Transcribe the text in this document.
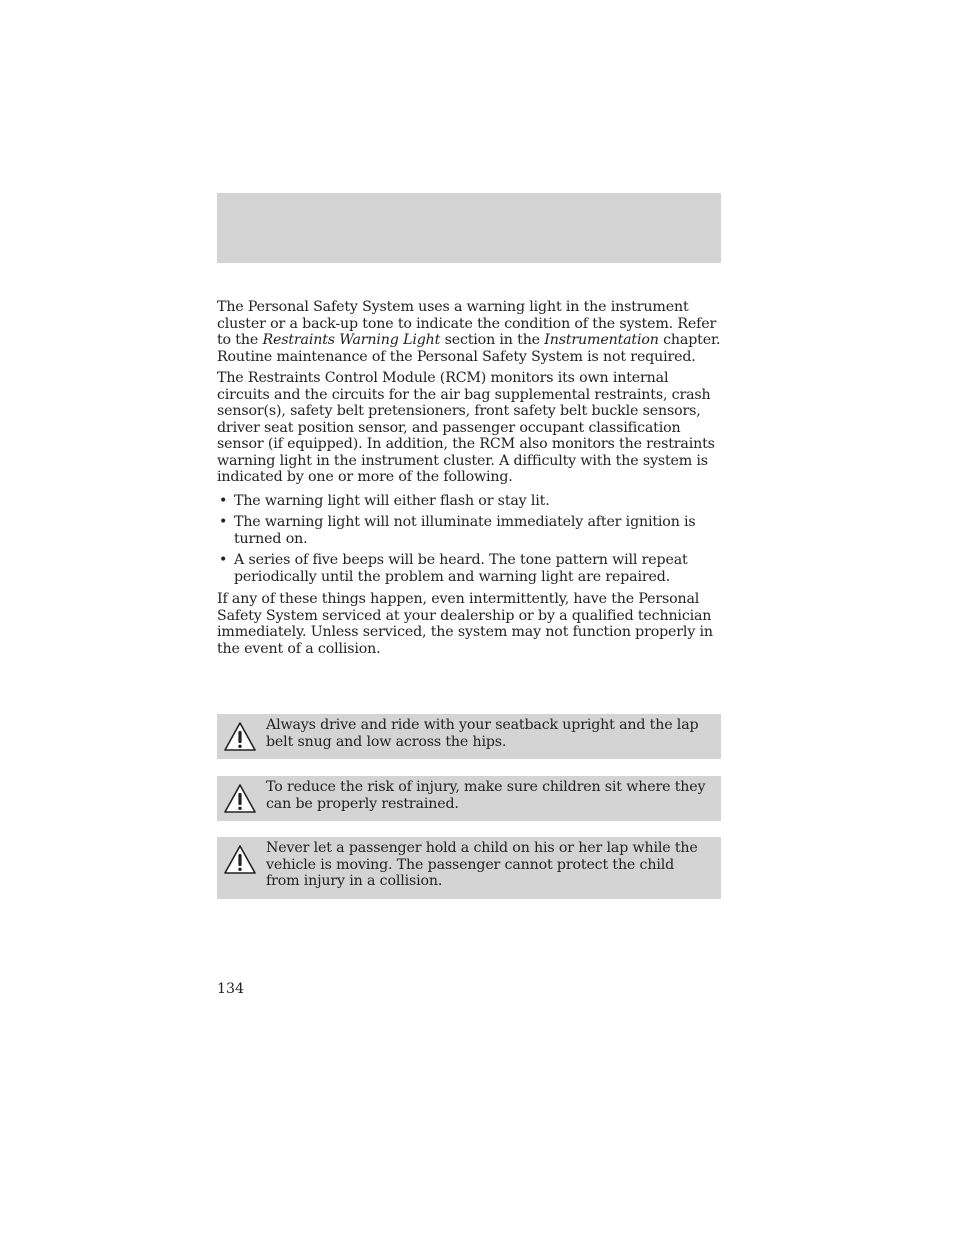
The Personal Safety System uses a warning light in the instrument cluster or a back-up tone to indicate the condition of the system. Refer to the Restraints Warning Light section in the Instrumentation chapter. Routine maintenance of the Personal Safety System is not required.

The Restraints Control Module (RCM) monitors its own internal circuits and the circuits for the air bag supplemental restraints, crash sensor(s), safety belt pretensioners, front safety belt buckle sensors, driver seat position sensor, and passenger occupant classification sensor (if equipped). In addition, the RCM also monitors the restraints warning light in the instrument cluster. A difficulty with the system is indicated by one or more of the following.

• The warning light will either flash or stay lit.
• The warning light will not illuminate immediately after ignition is turned on.
• A series of five beeps will be heard. The tone pattern will repeat periodically until the problem and warning light are repaired.

If any of these things happen, even intermittently, have the Personal Safety System serviced at your dealership or by a qualified technician immediately. Unless serviced, the system may not function properly in the event of a collision.

Always drive and ride with your seatback upright and the lap belt snug and low across the hips.
To reduce the risk of injury, make sure children sit where they can be properly restrained.
Never let a passenger hold a child on his or her lap while the vehicle is moving. The passenger cannot protect the child from injury in a collision.
134
